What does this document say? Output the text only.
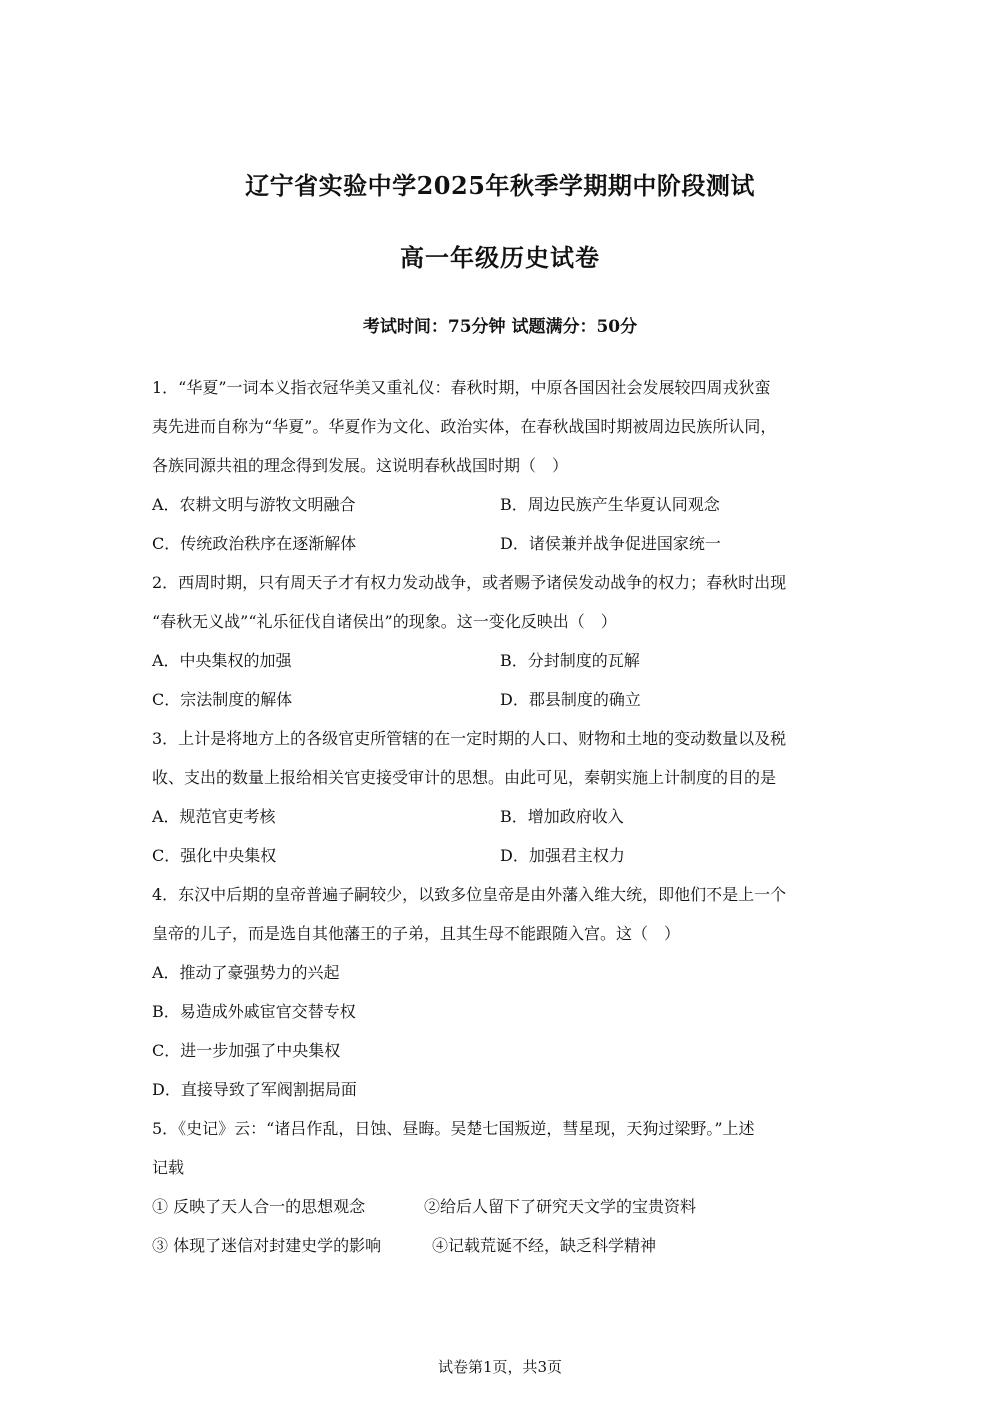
辽宁省实验中学2025年秋季学期期中阶段测试
高一年级历史试卷
考试时间：75分钟 试题满分：50分
1．“华夏”一词本义指衣冠华美又重礼仪：春秋时期，中原各国因社会发展较四周戎狄蛮
夷先进而自称为“华夏”。华夏作为文化、政治实体，在春秋战国时期被周边民族所认同，
各族同源共祖的理念得到发展。这说明春秋战国时期（　）
A．农耕文明与游牧文明融合	B．周边民族产生华夏认同观念
C．传统政治秩序在逐渐解体	D．诸侯兼并战争促进国家统一
2．西周时期，只有周天子才有权力发动战争，或者赐予诸侯发动战争的权力；春秋时出现
“春秋无义战”“礼乐征伐自诸侯出”的现象。这一变化反映出（　）
A．中央集权的加强	B．分封制度的瓦解
C．宗法制度的解体	D．郡县制度的确立
3．上计是将地方上的各级官吏所管辖的在一定时期的人口、财物和土地的变动数量以及税
收、支出的数量上报给相关官吏接受审计的思想。由此可见，秦朝实施上计制度的目的是
A．规范官吏考核	B．增加政府收入
C．强化中央集权	D．加强君主权力
4．东汉中后期的皇帝普遍子嗣较少，以致多位皇帝是由外藩入维大统，即他们不是上一个
皇帝的儿子，而是选自其他藩王的子弟，且其生母不能跟随入宫。这（　）
A．推动了豪强势力的兴起
B．易造成外戚宦官交替专权
C．进一步加强了中央集权
D．直接导致了军阀割据局面
5．《史记》云：“诸吕作乱，日蚀、昼晦。吴楚七国叛逆，彗星现，天狗过梁野。”上述
记载
① 反映了天人合一的思想观念	②给后人留下了研究天文学的宝贵资料
③ 体现了迷信对封建史学的影响	④记载荒诞不经，缺乏科学精神
试卷第1页，共3页
